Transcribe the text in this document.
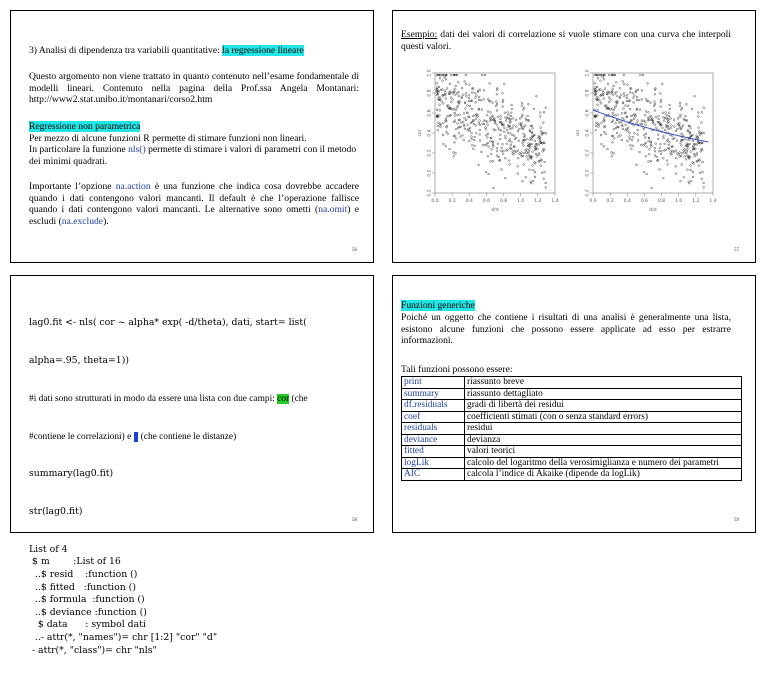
3) Analisi di dipendenza tra variabili quantitative: la regressione lineare
Questo argomento non viene trattato in quanto contenuto nell’esame fondamentale di modelli lineari. Contenuto nella pagina della Prof.ssa Angela Montanari: http://www2.stat.unibo.it/montanari/corso2.htm
Regressione non parametrica
Per mezzo di alcune funzioni R permette di stimare funzioni non lineari.
In particolare la funzione nls() permette di stimare i valori di parametri con il metodo dei minimi quadrati.
Importante l’opzione na.action è una funzione che indica cosa dovrebbe accadere quando i dati contengono valori mancanti. Il default è che l’operazione fallisce quando i dati contengono valori mancanti. Le alternative sono ometti (na.omit) e escludi (na.exclude).
56
Esempio: dati dei valori di correlazione si vuole stimare con una curva che interpoli questi valori.
0.2
0.0
0.2
0.4
0.6
0.8
1.0
0.0 0.2 0.4 0.6 0.8 1.0 1.2 1.4
cor
d/d
0.2
0.0
0.2
0.4
0.6
0.8
1.0
0.0 0.2 0.4 0.6 0.8 1.0 1.2 1.4
cor
d/d
57

lag0.fit <- nls( cor ~ alpha* exp( -d/theta), dati, start= list(

alpha=.95, theta=1))

#i dati sono strutturati in modo da essere una lista con due campi: cor (che

#contiene le correlazioni) e d (che contiene le distanze)

summary(lag0.fit)

str(lag0.fit)

List of 4
$ m        :List of 16
..$ resid    :function ()
..$ fitted   :function ()
..$ formula  :function ()
..$ deviance :function ()
$ data      : symbol dati
..- attr(*, "names")= chr [1:2] "cor" "d"
- attr(*, "class")= chr "nls"

58
Funzioni generiche
Poiché un oggetto che contiene i risultati di una analisi è generalmente una lista, esistono alcune funzioni che possono essere applicate ad esso per estrarre informazioni.
Tali funzioni possono essere:
print	riassunto breve
summary	riassunto dettagliato
df.residuals	gradi di libertà dei residui
coef	coefficienti stimati (con o senza standard errors)
residuals	residui
deviance	devianza
fitted	valori teorici
logLik	calcolo del logaritmo della verosimiglianza e numero dei parametri
AIC	calcola l’indice di Akaike (dipende da logLik)
59
